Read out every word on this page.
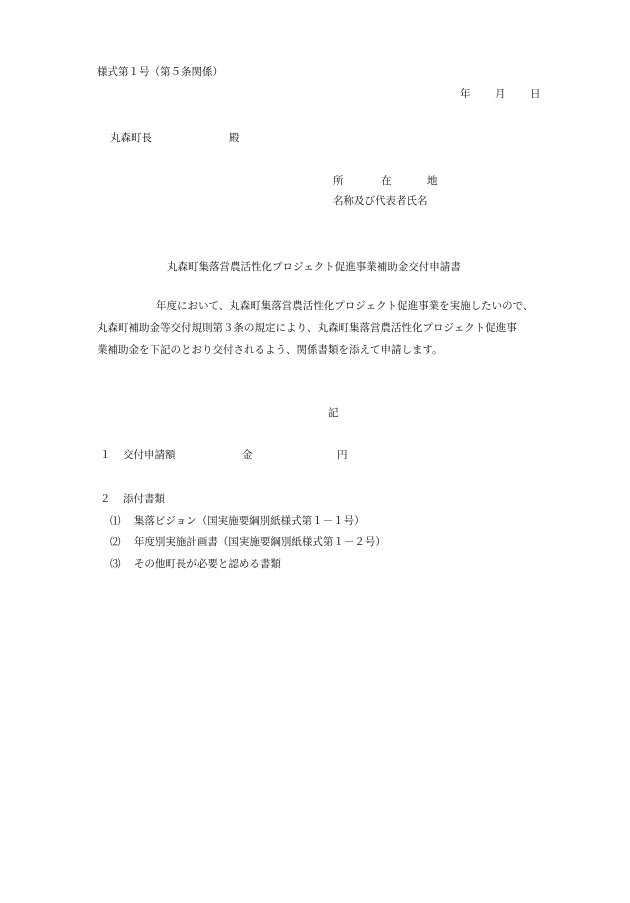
様式第１号（第５条関係）
年 月 日
丸森町長	殿
所	在	地
名称及び代表者氏名
丸森町集落営農活性化プロジェクト促進事業補助金交付申請書
年度において、丸森町集落営農活性化プロジェクト促進事業を実施したいので、
丸森町補助金等交付規則第３条の規定により、丸森町集落営農活性化プロジェクト促進事
業補助金を下記のとおり交付されるよう、関係書類を添えて申請します。
記
１ 交付申請額	金	円
２ 添付書類
⑴ 集落ビジョン（国実施要綱別紙様式第１－１号）
⑵ 年度別実施計画書（国実施要綱別紙様式第１－２号）
⑶ その他町長が必要と認める書類
